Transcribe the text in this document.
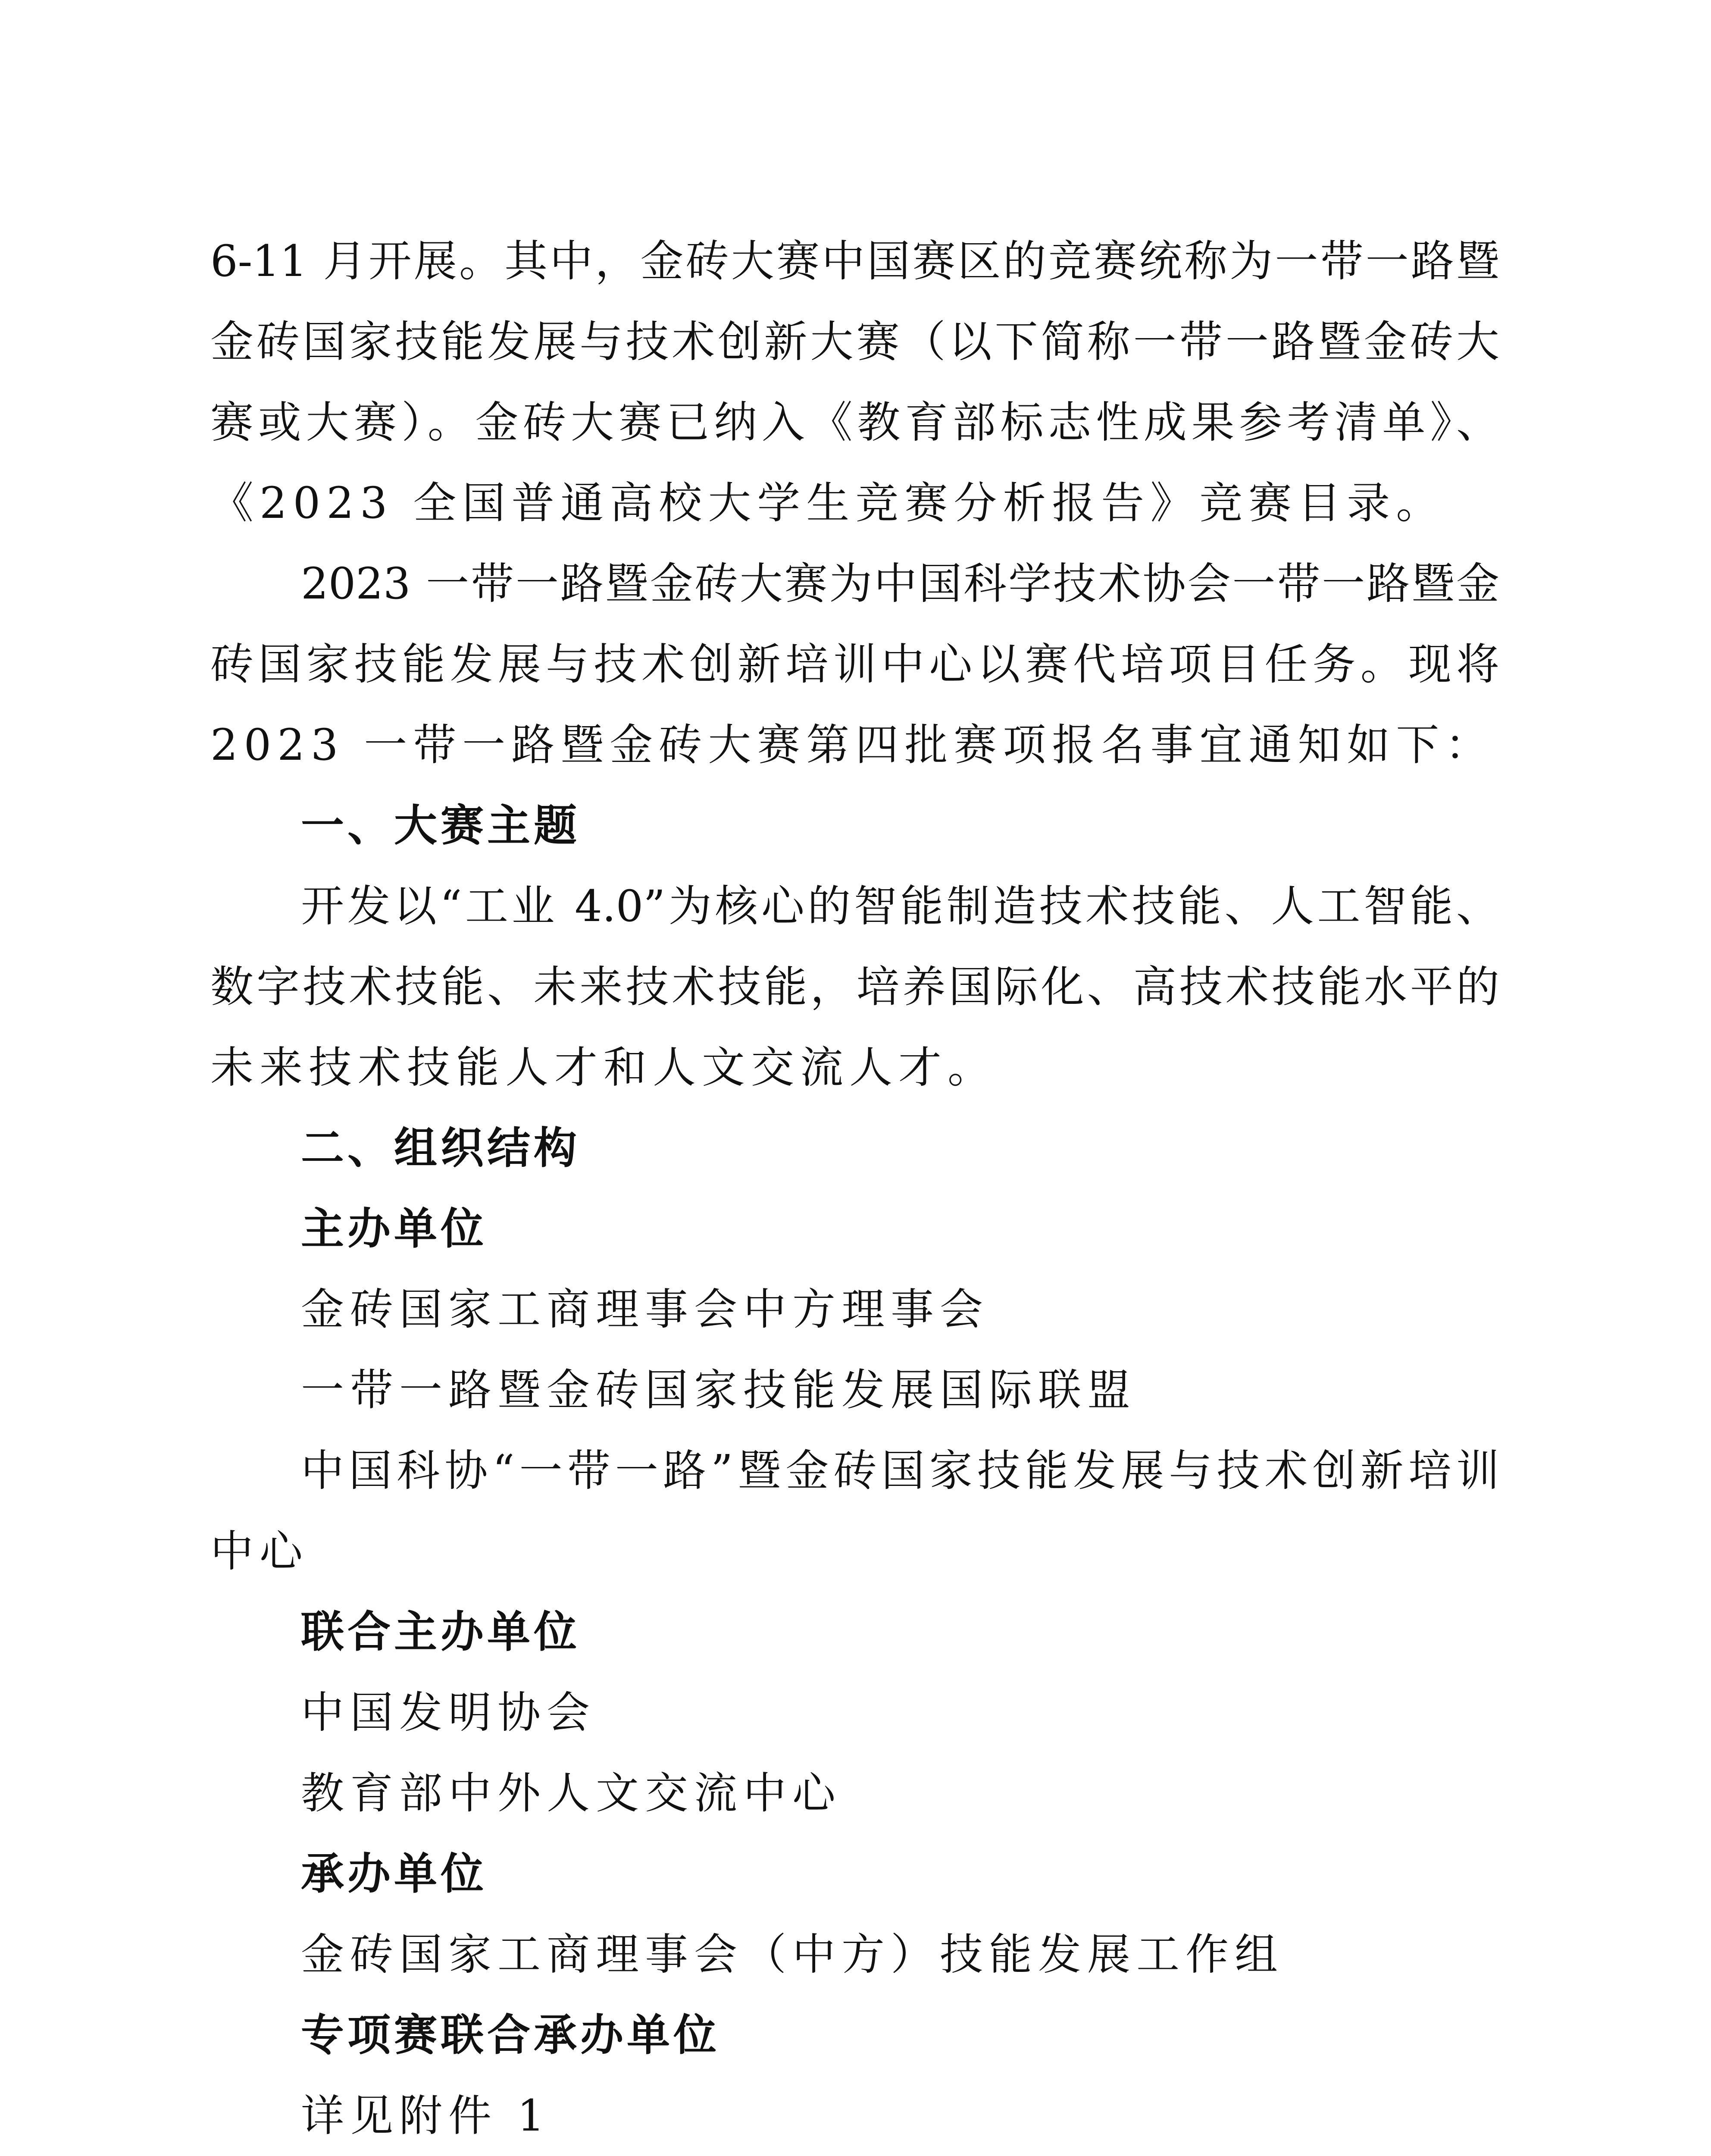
6-11 月开展。其中，金砖大赛中国赛区的竞赛统称为一带一路暨
金砖国家技能发展与技术创新大赛（以下简称一带一路暨金砖大
赛或大赛）。金砖大赛已纳入《教育部标志性成果参考清单》、
《2023 全国普通高校大学生竞赛分析报告》竞赛目录。
2023 一带一路暨金砖大赛为中国科学技术协会一带一路暨金
砖国家技能发展与技术创新培训中心以赛代培项目任务。现将
2023 一带一路暨金砖大赛第四批赛项报名事宜通知如下：
一、大赛主题
开发以“工业 4.0”为核心的智能制造技术技能、人工智能、
数字技术技能、未来技术技能，培养国际化、高技术技能水平的
未来技术技能人才和人文交流人才。
二、组织结构
主办单位
金砖国家工商理事会中方理事会
一带一路暨金砖国家技能发展国际联盟
中国科协“一带一路”暨金砖国家技能发展与技术创新培训
中心
联合主办单位
中国发明协会
教育部中外人文交流中心
承办单位
金砖国家工商理事会（中方）技能发展工作组
专项赛联合承办单位
详见附件 1
